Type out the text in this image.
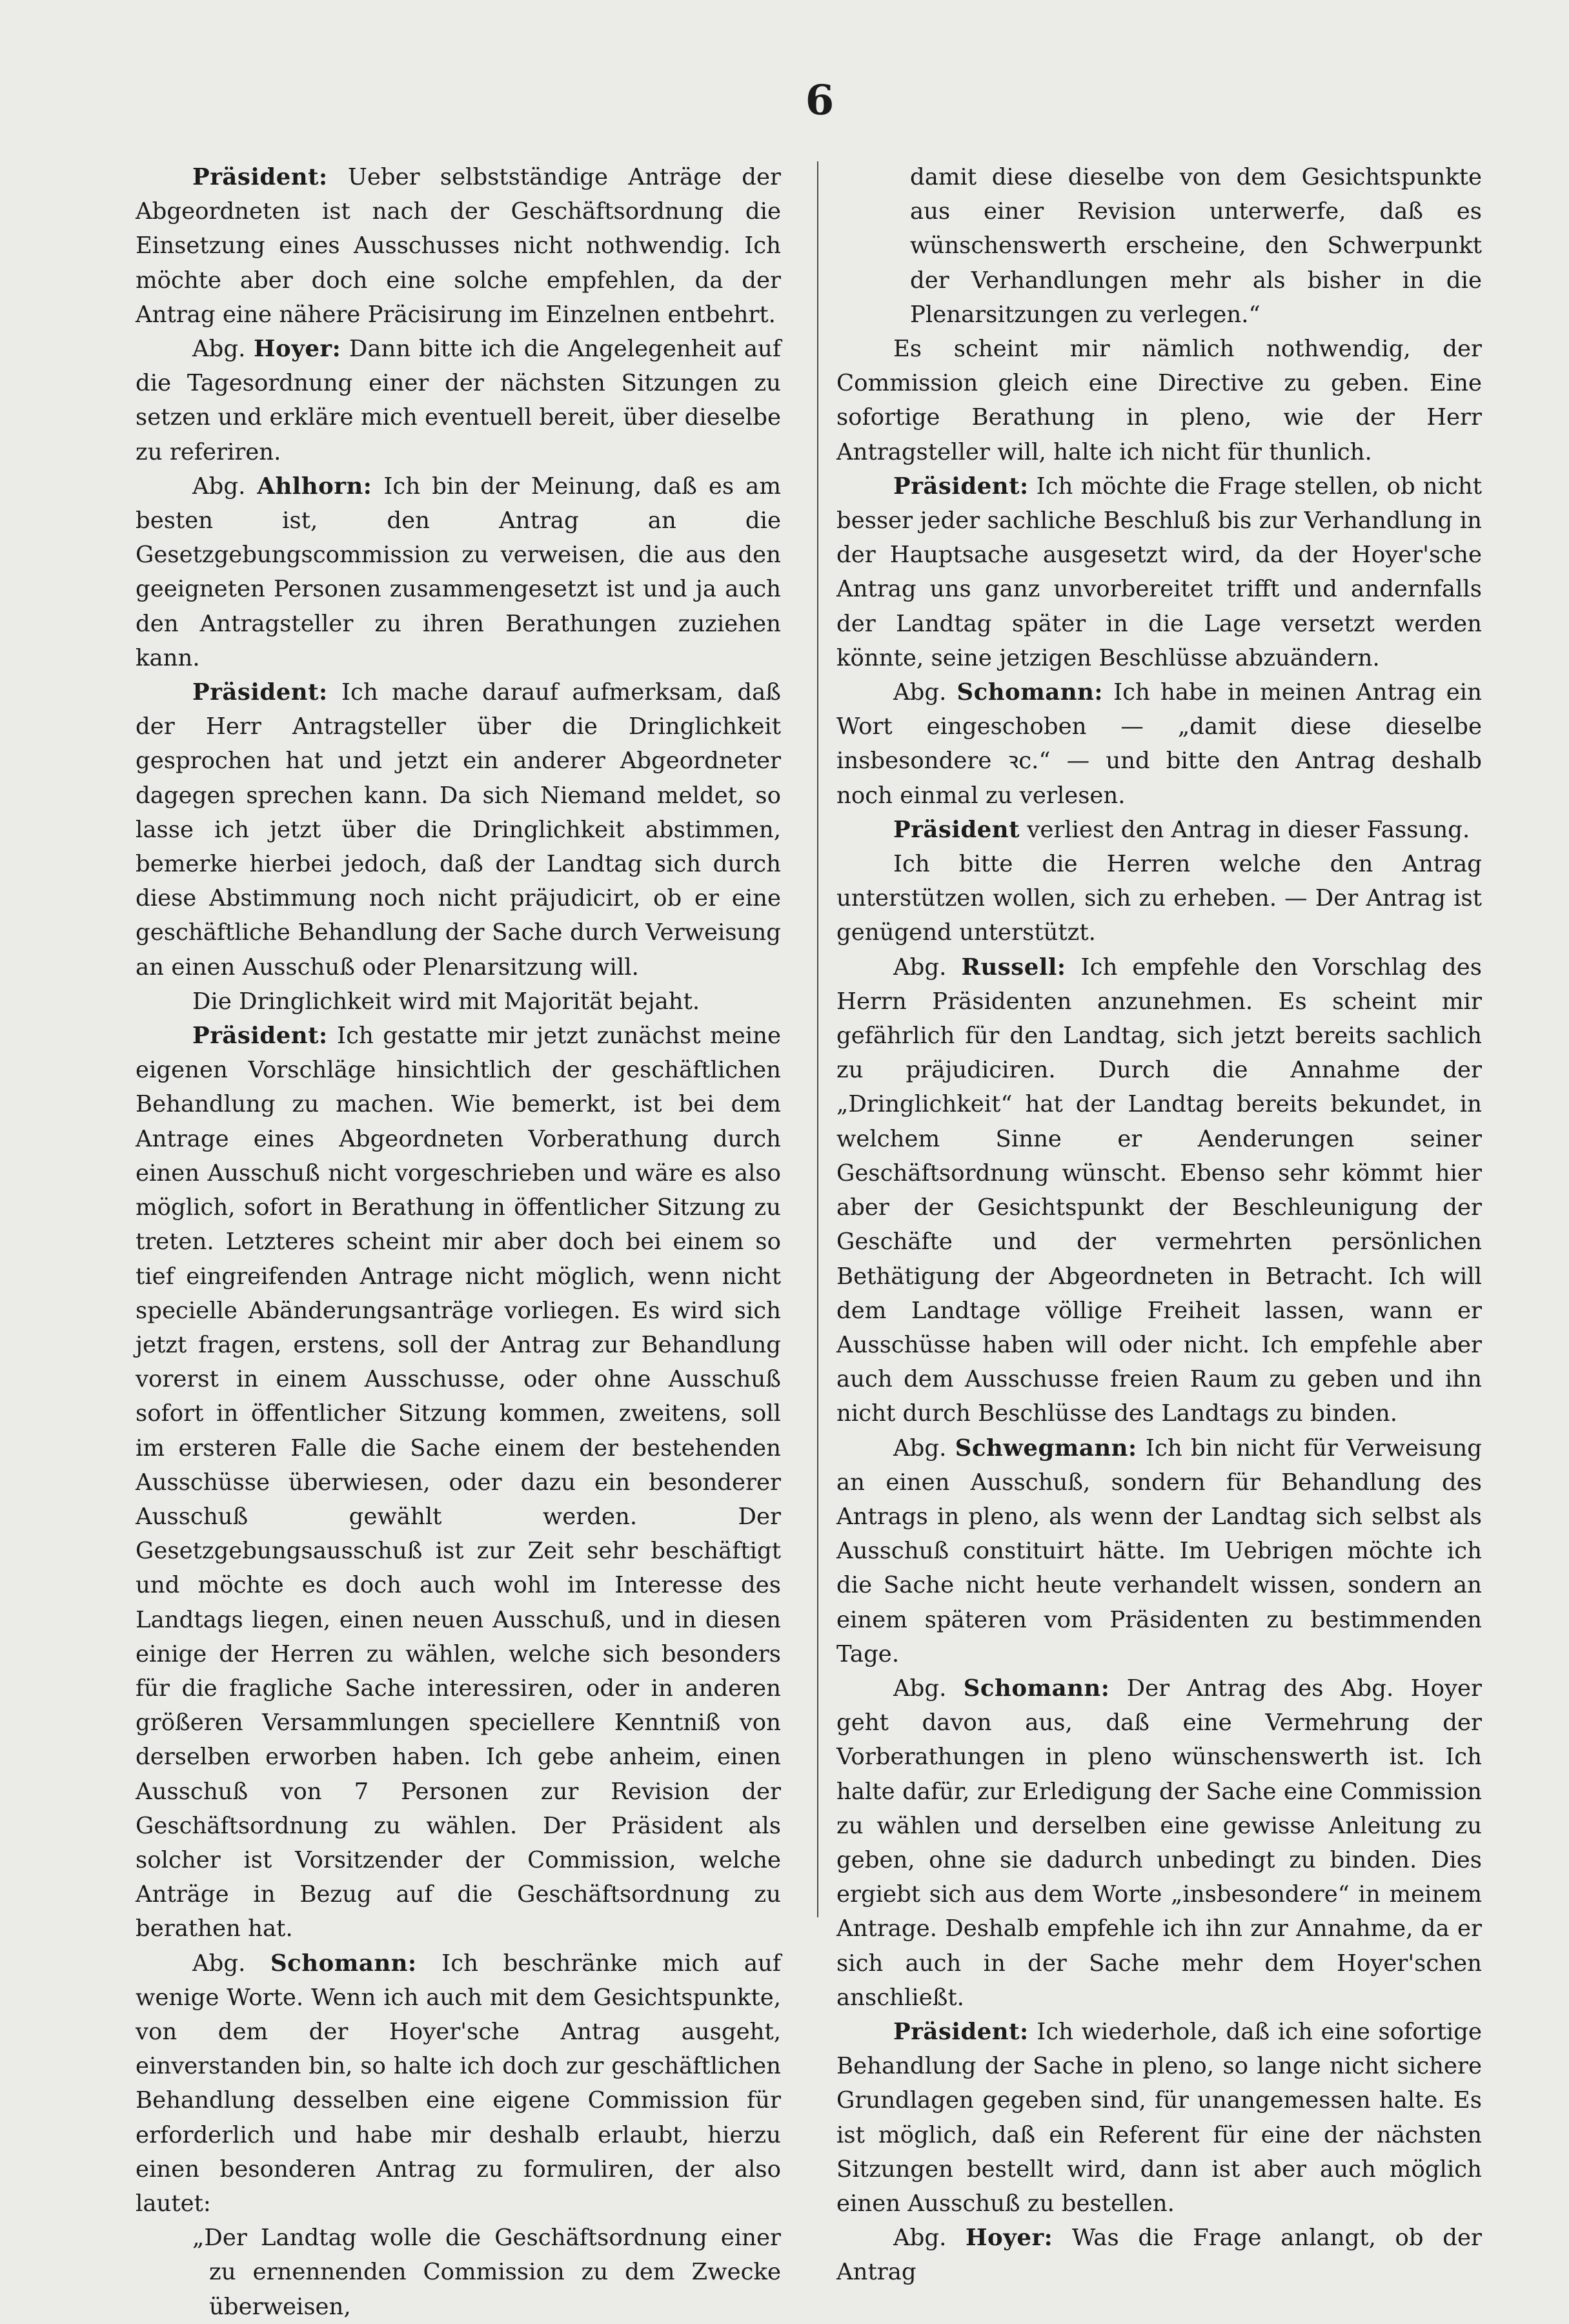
6

Präsident: Ueber selbstständige Anträge der Abgeordneten ist nach der Geschäftsordnung die Einsetzung eines Ausschusses nicht nothwendig. Ich möchte aber doch eine solche empfehlen, da der Antrag eine nähere Präcisirung im Einzelnen entbehrt.

Abg. Hoyer: Dann bitte ich die Angelegenheit auf die Tagesordnung einer der nächsten Sitzungen zu setzen und erkläre mich eventuell bereit, über dieselbe zu referiren.

Abg. Ahlhorn: Ich bin der Meinung, daß es am besten ist, den Antrag an die Gesetzgebungscommission zu verweisen, die aus den geeigneten Personen zusammengesetzt ist und ja auch den Antragsteller zu ihren Berathungen zuziehen kann.

Präsident: Ich mache darauf aufmerksam, daß der Herr Antragsteller über die Dringlichkeit gesprochen hat und jetzt ein anderer Abgeordneter dagegen sprechen kann. Da sich Niemand meldet, so lasse ich jetzt über die Dringlichkeit abstimmen, bemerke hierbei jedoch, daß der Landtag sich durch diese Abstimmung noch nicht präjudicirt, ob er eine geschäftliche Behandlung der Sache durch Verweisung an einen Ausschuß oder Plenarsitzung will.

Die Dringlichkeit wird mit Majorität bejaht.

Präsident: Ich gestatte mir jetzt zunächst meine eigenen Vorschläge hinsichtlich der geschäftlichen Behandlung zu machen. Wie bemerkt, ist bei dem Antrage eines Abgeordneten Vorberathung durch einen Ausschuß nicht vorgeschrieben und wäre es also möglich, sofort in Berathung in öffentlicher Sitzung zu treten. Letzteres scheint mir aber doch bei einem so tief eingreifenden Antrage nicht möglich, wenn nicht specielle Abänderungsanträge vorliegen. Es wird sich jetzt fragen, erstens, soll der Antrag zur Behandlung vorerst in einem Ausschusse, oder ohne Ausschuß sofort in öffentlicher Sitzung kommen, zweitens, soll im ersteren Falle die Sache einem der bestehenden Ausschüsse überwiesen, oder dazu ein besonderer Ausschuß gewählt werden. Der Gesetzgebungsausschuß ist zur Zeit sehr beschäftigt und möchte es doch auch wohl im Interesse des Landtags liegen, einen neuen Ausschuß, und in diesen einige der Herren zu wählen, welche sich besonders für die fragliche Sache interessiren, oder in anderen größeren Versammlungen speciellere Kenntniß von derselben erworben haben. Ich gebe anheim, einen Ausschuß von 7 Personen zur Revision der Geschäftsordnung zu wählen. Der Präsident als solcher ist Vorsitzender der Commission, welche Anträge in Bezug auf die Geschäftsordnung zu berathen hat.

Abg. Schomann: Ich beschränke mich auf wenige Worte. Wenn ich auch mit dem Gesichtspunkte, von dem der Hoyer'sche Antrag ausgeht, einverstanden bin, so halte ich doch zur geschäftlichen Behandlung desselben eine eigene Commission für erforderlich und habe mir deshalb erlaubt, hierzu einen besonderen Antrag zu formuliren, der also lautet:

„Der Landtag wolle die Geschäftsordnung einer zu ernennenden Commission zu dem Zwecke überweisen,

damit diese dieselbe von dem Gesichtspunkte aus einer Revision unterwerfe, daß es wünschenswerth erscheine, den Schwerpunkt der Verhandlungen mehr als bisher in die Plenarsitzungen zu verlegen.“

Es scheint mir nämlich nothwendig, der Commission gleich eine Directive zu geben. Eine sofortige Berathung in pleno, wie der Herr Antragsteller will, halte ich nicht für thunlich.

Präsident: Ich möchte die Frage stellen, ob nicht besser jeder sachliche Beschluß bis zur Verhandlung in der Hauptsache ausgesetzt wird, da der Hoyer'sche Antrag uns ganz unvorbereitet trifft und andernfalls der Landtag später in die Lage versetzt werden könnte, seine jetzigen Beschlüsse abzuändern.

Abg. Schomann: Ich habe in meinen Antrag ein Wort eingeschoben — „damit diese dieselbe insbesondere ꝛc.“ — und bitte den Antrag deshalb noch einmal zu verlesen.

Präsident verliest den Antrag in dieser Fassung.

Ich bitte die Herren welche den Antrag unterstützen wollen, sich zu erheben. — Der Antrag ist genügend unterstützt.

Abg. Russell: Ich empfehle den Vorschlag des Herrn Präsidenten anzunehmen. Es scheint mir gefährlich für den Landtag, sich jetzt bereits sachlich zu präjudiciren. Durch die Annahme der „Dringlichkeit“ hat der Landtag bereits bekundet, in welchem Sinne er Aenderungen seiner Geschäftsordnung wünscht. Ebenso sehr kömmt hier aber der Gesichtspunkt der Beschleunigung der Geschäfte und der vermehrten persönlichen Bethätigung der Abgeordneten in Betracht. Ich will dem Landtage völlige Freiheit lassen, wann er Ausschüsse haben will oder nicht. Ich empfehle aber auch dem Ausschusse freien Raum zu geben und ihn nicht durch Beschlüsse des Landtags zu binden.

Abg. Schwegmann: Ich bin nicht für Verweisung an einen Ausschuß, sondern für Behandlung des Antrags in pleno, als wenn der Landtag sich selbst als Ausschuß constituirt hätte. Im Uebrigen möchte ich die Sache nicht heute verhandelt wissen, sondern an einem späteren vom Präsidenten zu bestimmenden Tage.

Abg. Schomann: Der Antrag des Abg. Hoyer geht davon aus, daß eine Vermehrung der Vorberathungen in pleno wünschenswerth ist. Ich halte dafür, zur Erledigung der Sache eine Commission zu wählen und derselben eine gewisse Anleitung zu geben, ohne sie dadurch unbedingt zu binden. Dies ergiebt sich aus dem Worte „insbesondere“ in meinem Antrage. Deshalb empfehle ich ihn zur Annahme, da er sich auch in der Sache mehr dem Hoyer'schen anschließt.

Präsident: Ich wiederhole, daß ich eine sofortige Behandlung der Sache in pleno, so lange nicht sichere Grundlagen gegeben sind, für unangemessen halte. Es ist möglich, daß ein Referent für eine der nächsten Sitzungen bestellt wird, dann ist aber auch möglich einen Ausschuß zu bestellen.

Abg. Hoyer: Was die Frage anlangt, ob der Antrag
